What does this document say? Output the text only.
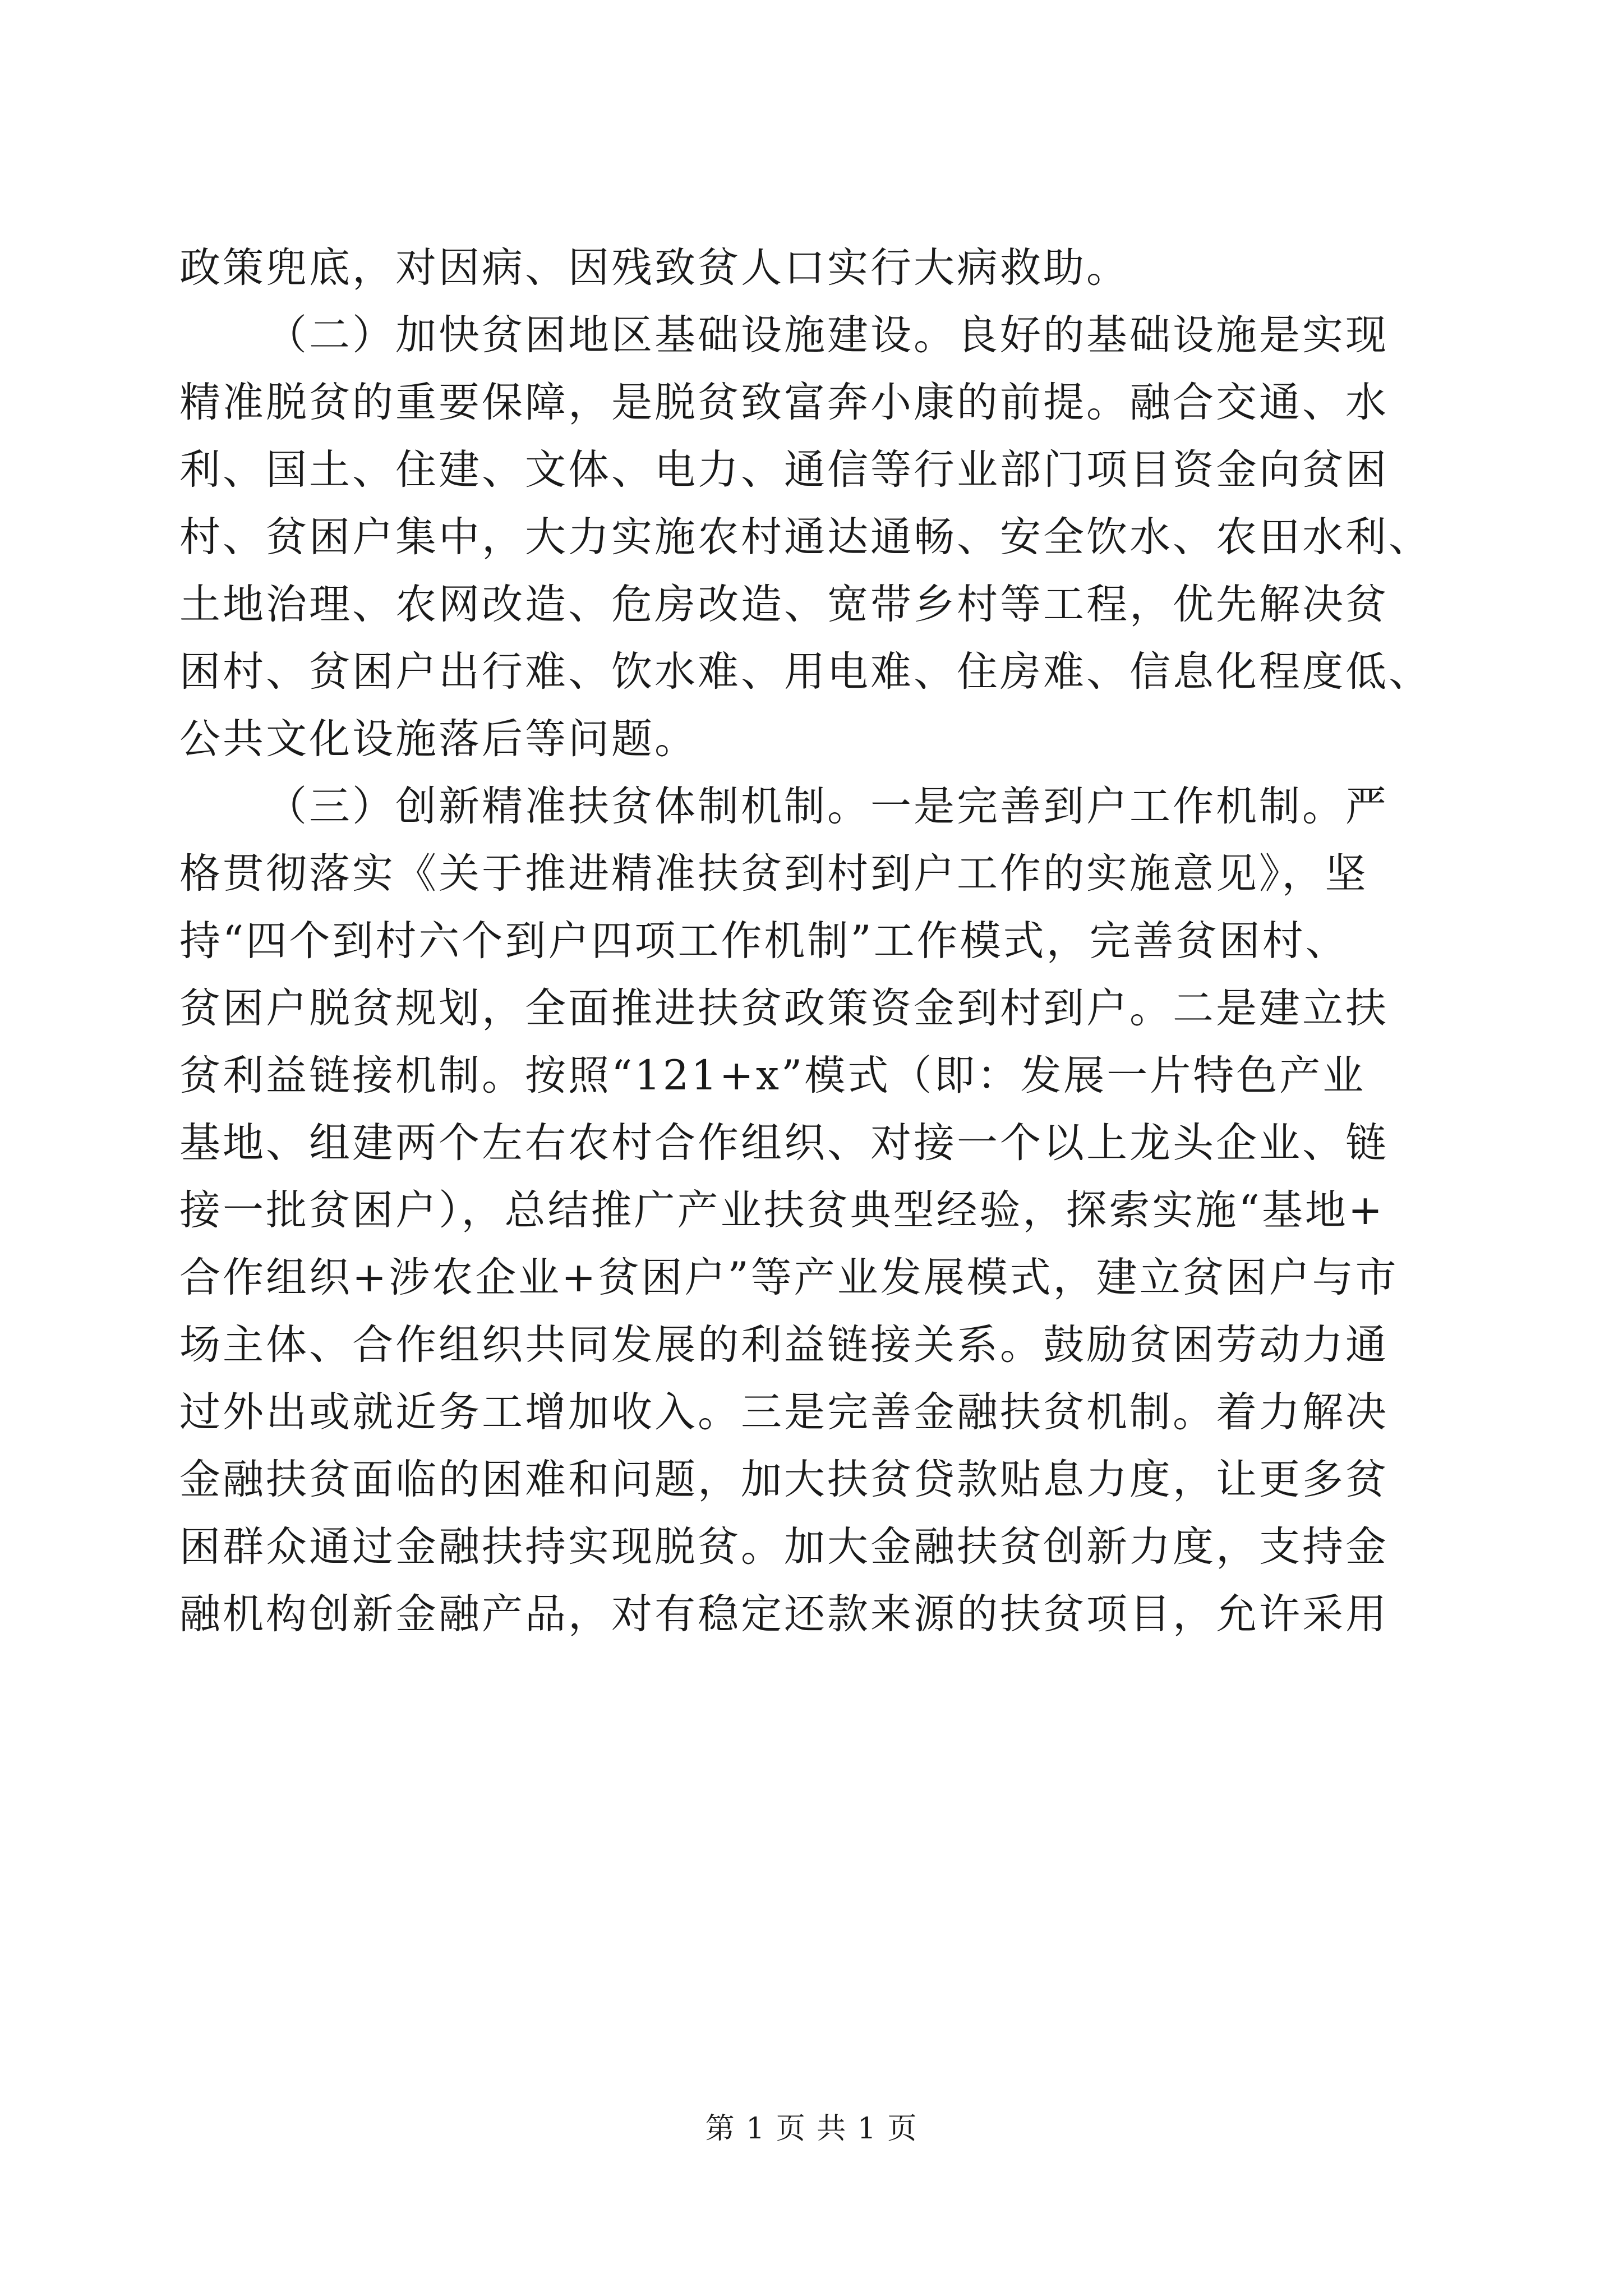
政策兜底，对因病、因残致贫人口实行大病救助。
（二）加快贫困地区基础设施建设。良好的基础设施是实现
精准脱贫的重要保障，是脱贫致富奔小康的前提。融合交通、水
利、国土、住建、文体、电力、通信等行业部门项目资金向贫困
村、贫困户集中，大力实施农村通达通畅、安全饮水、农田水利、
土地治理、农网改造、危房改造、宽带乡村等工程，优先解决贫
困村、贫困户出行难、饮水难、用电难、住房难、信息化程度低、
公共文化设施落后等问题。
（三）创新精准扶贫体制机制。一是完善到户工作机制。严
格贯彻落实《关于推进精准扶贫到村到户工作的实施意见》，坚
持“四个到村六个到户四项工作机制”工作模式，完善贫困村、
贫困户脱贫规划，全面推进扶贫政策资金到村到户。二是建立扶
贫利益链接机制。按照“121+x”模式（即：发展一片特色产业
基地、组建两个左右农村合作组织、对接一个以上龙头企业、链
接一批贫困户），总结推广产业扶贫典型经验，探索实施“基地+
合作组织+涉农企业+贫困户”等产业发展模式，建立贫困户与市
场主体、合作组织共同发展的利益链接关系。鼓励贫困劳动力通
过外出或就近务工增加收入。三是完善金融扶贫机制。着力解决
金融扶贫面临的困难和问题，加大扶贫贷款贴息力度，让更多贫
困群众通过金融扶持实现脱贫。加大金融扶贫创新力度，支持金
融机构创新金融产品，对有稳定还款来源的扶贫项目，允许采用
第 1 页 共 1 页
